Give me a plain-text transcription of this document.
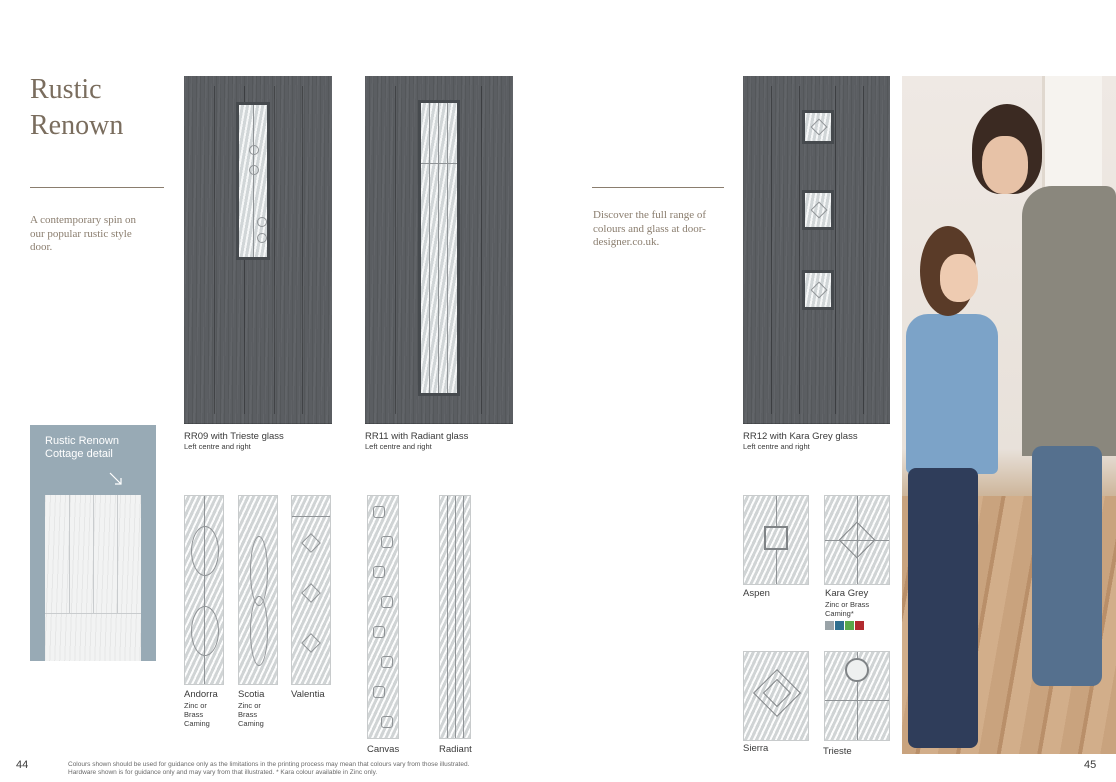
Rustic
Renown
A contemporary spin on our popular rustic style door.
Discover the full range of colours and glass at door-designer.co.uk.
RR09 with Trieste glass
Left centre and right
RR11 with Radiant glass
Left centre and right
RR12 with Kara Grey glass
Left centre and right
Rustic Renown
Cottage detail
Andorra
Zinc or
Brass
Caming
Scotia
Zinc or
Brass
Caming
Valentia
Canvas	Radiant
Aspen	Kara Grey
Zinc or Brass
Caming*
Sierra	Trieste
44	Colours shown should be used for guidance only as the limitations in the printing process may mean that colours vary from those illustrated.
Hardware shown is for guidance only and may vary from that illustrated. * Kara colour available in Zinc only.
45
